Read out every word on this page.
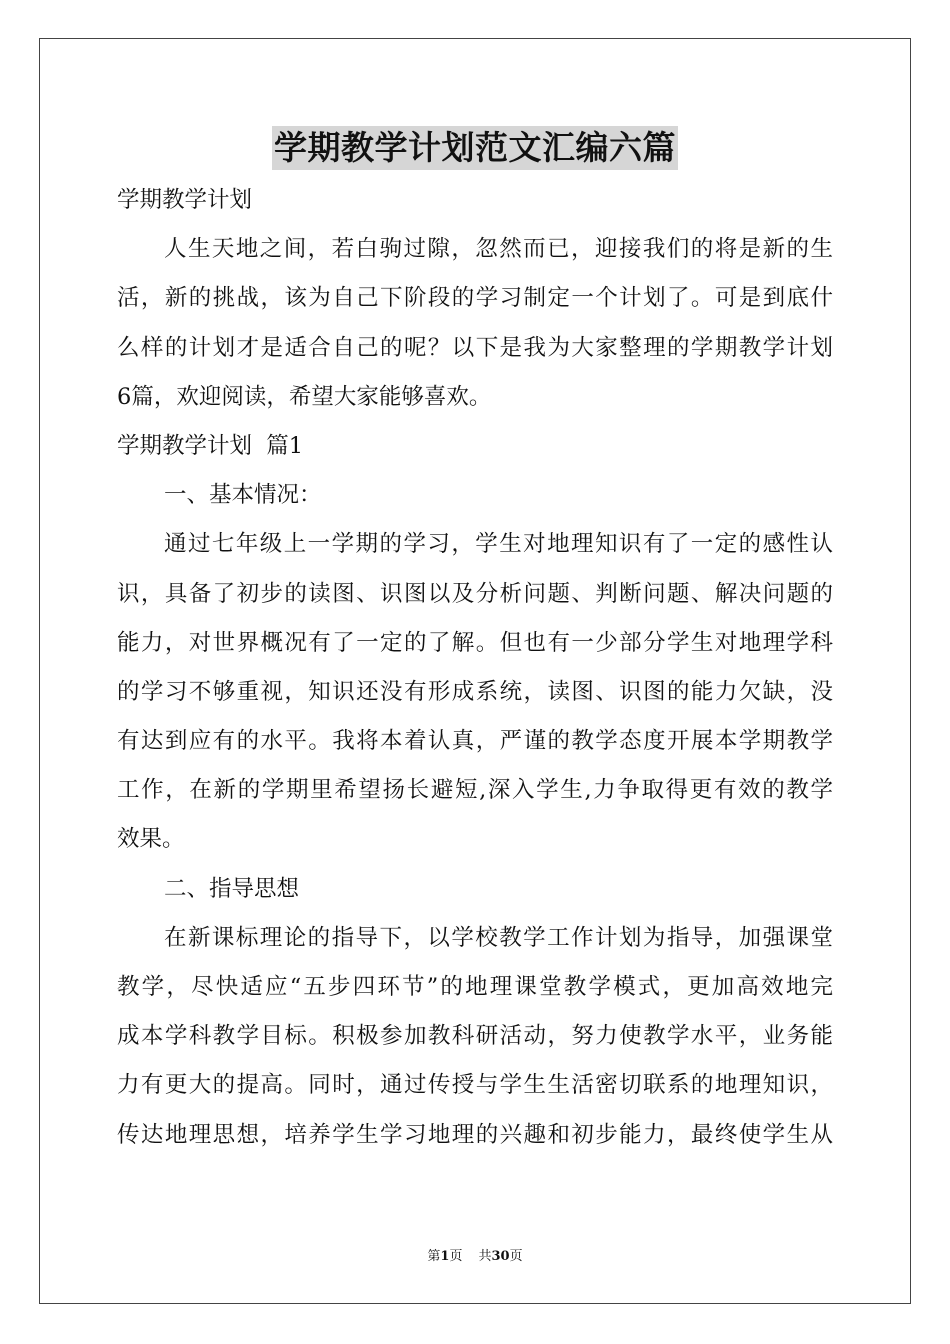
学期教学计划范文汇编六篇
学期教学计划
人生天地之间，若白驹过隙，忽然而已，迎接我们的将是新的生
活，新的挑战，该为自己下阶段的学习制定一个计划了。可是到底什
么样的计划才是适合自己的呢？以下是我为大家整理的学期教学计划
6篇，欢迎阅读，希望大家能够喜欢。
学期教学计划  篇1
一、基本情况：
通过七年级上一学期的学习，学生对地理知识有了一定的感性认
识，具备了初步的读图、识图以及分析问题、判断问题、解决问题的
能力，对世界概况有了一定的了解。但也有一少部分学生对地理学科
的学习不够重视，知识还没有形成系统，读图、识图的能力欠缺，没
有达到应有的水平。我将本着认真，严谨的教学态度开展本学期教学
工作，在新的学期里希望扬长避短,深入学生,力争取得更有效的教学
效果。
二、指导思想
在新课标理论的指导下，以学校教学工作计划为指导，加强课堂
教学，尽快适应“五步四环节”的地理课堂教学模式，更加高效地完
成本学科教学目标。积极参加教科研活动，努力使教学水平，业务能
力有更大的提高。同时，通过传授与学生生活密切联系的地理知识，
传达地理思想，培养学生学习地理的兴趣和初步能力，最终使学生从
第1页 共30页
